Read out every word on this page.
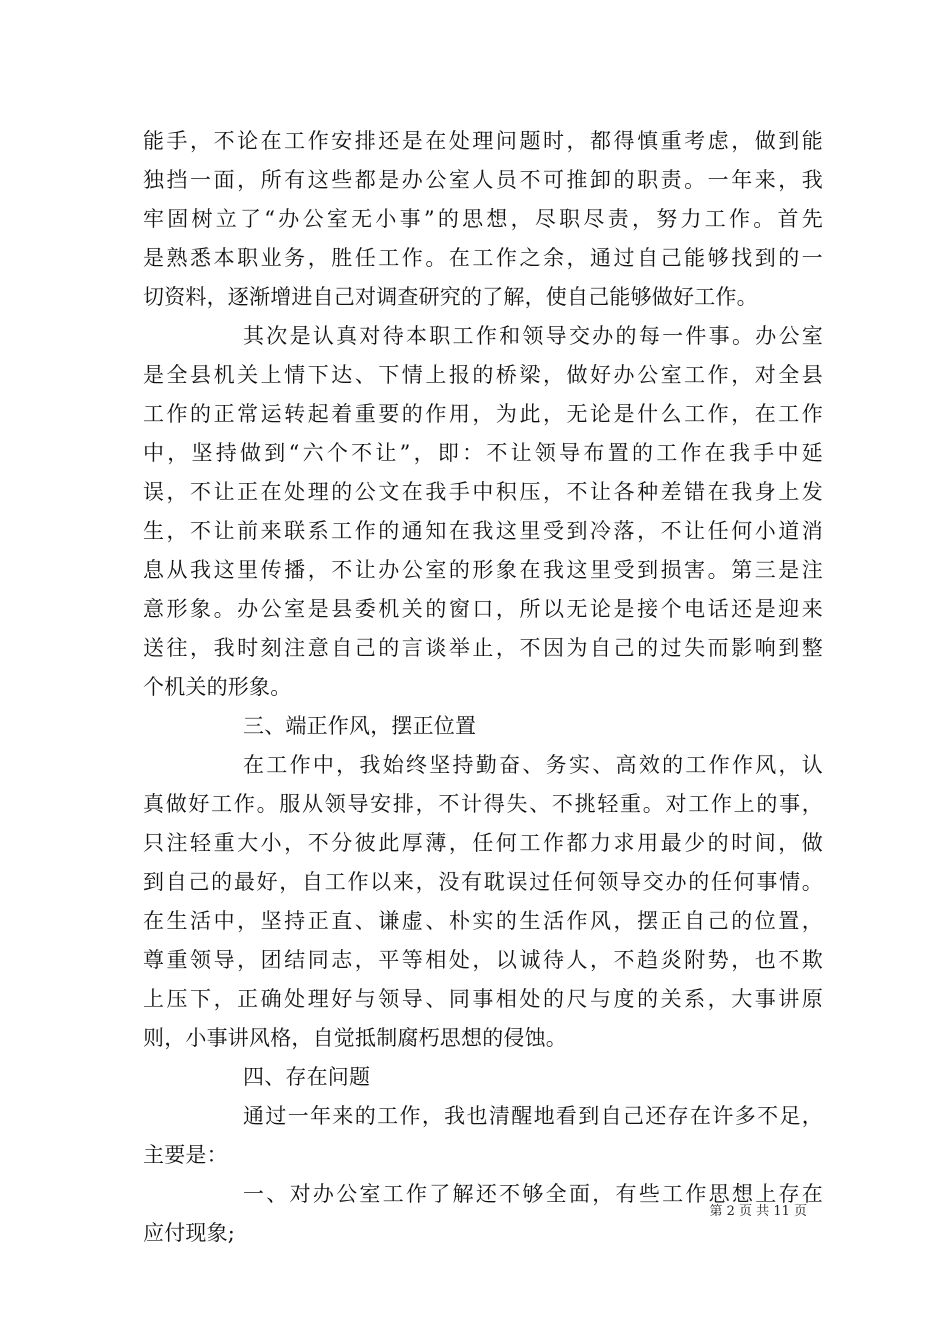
能手，不论在工作安排还是在处理问题时，都得慎重考虑，做到能
独挡一面，所有这些都是办公室人员不可推卸的职责。一年来，我
牢固树立了“办公室无小事”的思想，尽职尽责，努力工作。首先
是熟悉本职业务，胜任工作。在工作之余，通过自己能够找到的一
切资料，逐渐增进自己对调查研究的了解，使自己能够做好工作。
其次是认真对待本职工作和领导交办的每一件事。办公室
是全县机关上情下达、下情上报的桥梁，做好办公室工作，对全县
工作的正常运转起着重要的作用，为此，无论是什么工作，在工作
中，坚持做到“六个不让”，即：不让领导布置的工作在我手中延
误，不让正在处理的公文在我手中积压，不让各种差错在我身上发
生，不让前来联系工作的通知在我这里受到冷落，不让任何小道消
息从我这里传播，不让办公室的形象在我这里受到损害。第三是注
意形象。办公室是县委机关的窗口，所以无论是接个电话还是迎来
送往，我时刻注意自己的言谈举止，不因为自己的过失而影响到整
个机关的形象。
三、端正作风，摆正位置
在工作中，我始终坚持勤奋、务实、高效的工作作风，认
真做好工作。服从领导安排，不计得失、不挑轻重。对工作上的事，
只注轻重大小，不分彼此厚薄，任何工作都力求用最少的时间，做
到自己的最好，自工作以来，没有耽误过任何领导交办的任何事情。
在生活中，坚持正直、谦虚、朴实的生活作风，摆正自己的位置，
尊重领导，团结同志，平等相处，以诚待人，不趋炎附势，也不欺
上压下，正确处理好与领导、同事相处的尺与度的关系，大事讲原
则，小事讲风格，自觉抵制腐朽思想的侵蚀。
四、存在问题
通过一年来的工作，我也清醒地看到自己还存在许多不足，
主要是：
一、对办公室工作了解还不够全面，有些工作思想上存在
应付现象;
第 2 页 共 11 页
